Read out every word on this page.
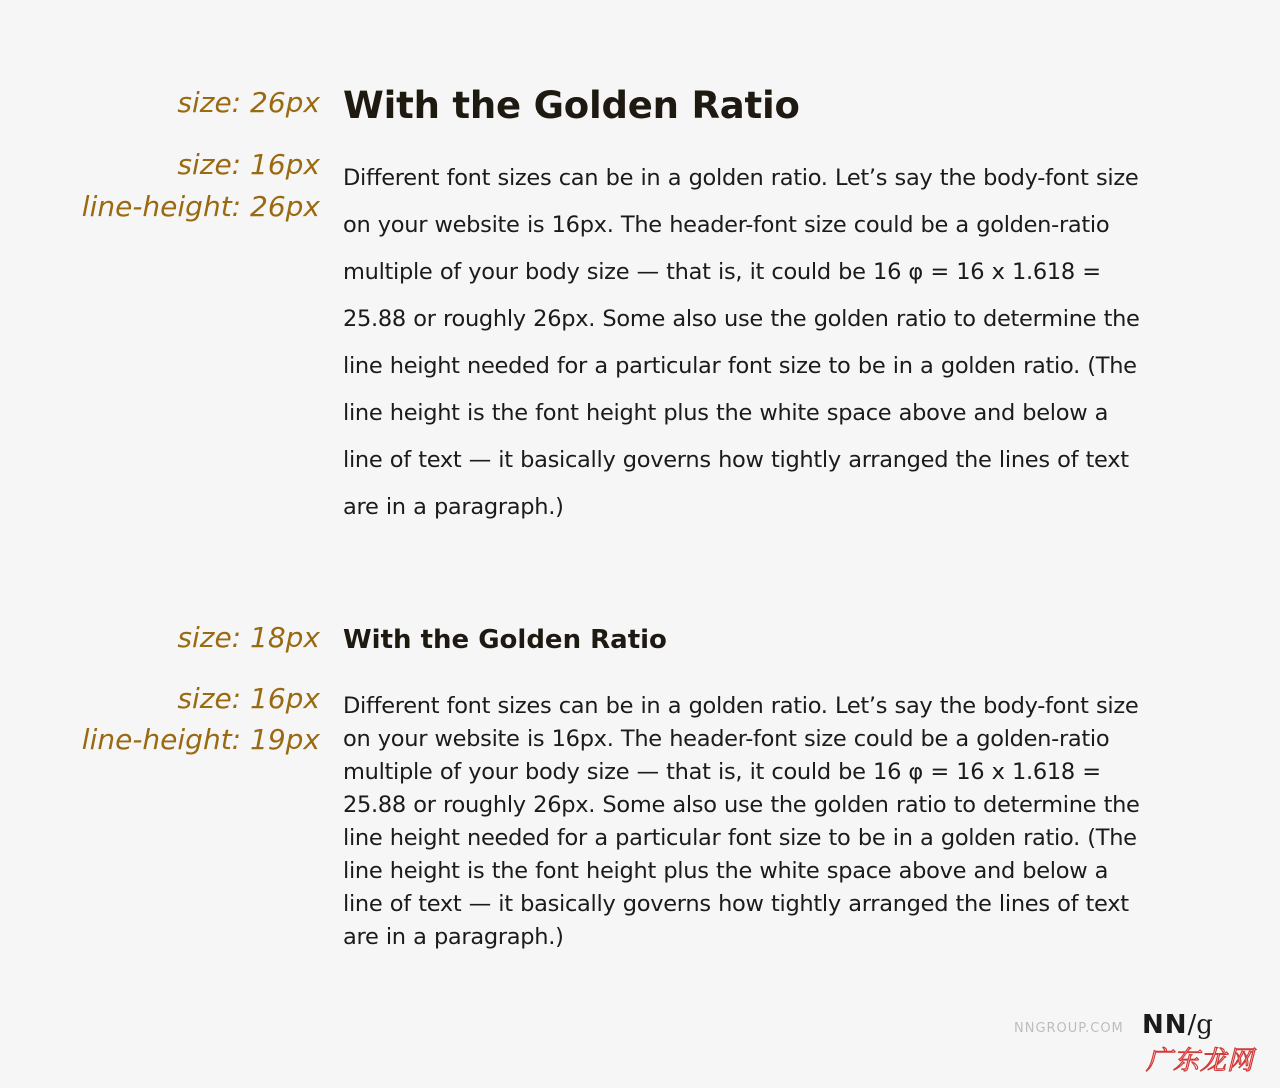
size: 26px With the Golden Ratio
size: 16px
line-height: 26px
Different font sizes can be in a golden ratio. Let’s say the body-font size
on your website is 16px. The header-font size could be a golden-ratio
multiple of your body size — that is, it could be 16 φ = 16 x 1.618 =
25.88 or roughly 26px. Some also use the golden ratio to determine the
line height needed for a particular font size to be in a golden ratio. (The
line height is the font height plus the white space above and below a
line of text — it basically governs how tightly arranged the lines of text
are in a paragraph.)
size: 18px With the Golden Ratio
size: 16px
line-height: 19px
Different font sizes can be in a golden ratio. Let’s say the body-font size
on your website is 16px. The header-font size could be a golden-ratio
multiple of your body size — that is, it could be 16 φ = 16 x 1.618 =
25.88 or roughly 26px. Some also use the golden ratio to determine the
line height needed for a particular font size to be in a golden ratio. (The
line height is the font height plus the white space above and below a
line of text — it basically governs how tightly arranged the lines of text
are in a paragraph.)
NNGROUP.COM NN/g
广东龙网
